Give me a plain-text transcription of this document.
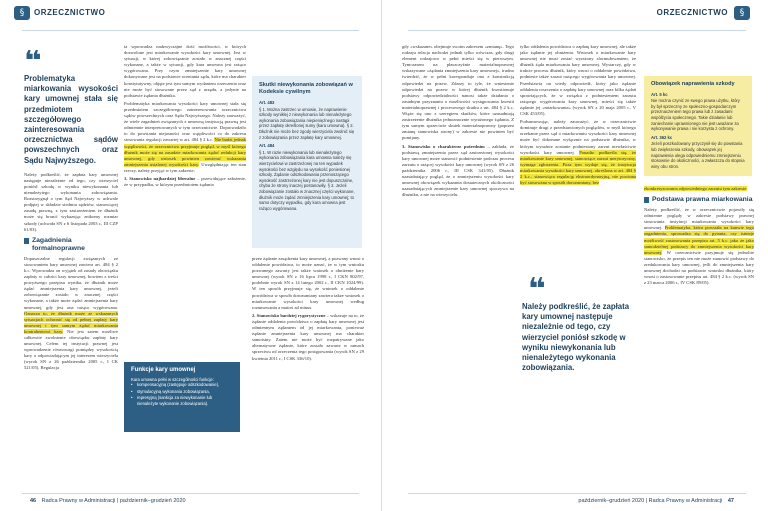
§	ORZECZNICTWO
❝

Problematyka miarkowania wysokości kary umownej stała się przedmiotem szczegółowego zainteresowania orzecznictwa sądów powszechnych oraz Sądu Najwyższego.

Należy podkreślić, że zapłata kary umownej następuje niezależnie od tego, czy wierzyciel poniósł szkodę w wyniku niewykonania lub nienależytego wykonania zobowiązania. Rozstrzygnął o tym Sąd Najwyższy w uchwale podjętej w składzie siedmiu sędziów, stanowiącej zasadę prawną, z tym zastrzeżeniem że dłużnik może się bronić wykazując znikomy rozmiar szkody (uchwała SN z 6 listopada 2003 r., III CZP 61/03).

Zagadnienia formalnoprawne

Dopuszczalne regulacji związanych ze stosowaniem kary umownej zawiera art. 484 § 2 k.c. Wprowadza on wyjątek od zasady obowiązku zapłaty w całości kary umownej, bowiem z treści powyższego przepisu wynika, że dłużnik może żądać zmniejszenia kary umownej, jeżeli zobowiązanie zostało w znacznej części wykonane, a także może żądać zmniejszenia kary umownej, gdy jest ona rażąco wygórowana. Oznacza to, że dłużnik może ze wskazanych sytuacjach ochronić się od pełnej zapłaty kary umownej i tym samym żądać miarkowania kontrahentowi kary. Nie jest zatem możliwe całkowite zwolnienie obowiązku zapłaty kary umownej. Celem tej instytucji prawnej jest wprowadzenie równowagi pomiędzy wysokością kary a odpowiadającym jej interesem wierzyciela (wyrok SN z 26 października 2005 r., I CK 521/05). Regulacja

ta wprowadza nadzwyczajne dość możliwości, w których dozwolone jest miarkowanie wysokości kary umownej. Jest w sytuacji, w której zobowiązanie zostało w znacznej części wykonane, a także w sytuacji, gdy kara umowna jest rażąco wygórowana. Przy czym zmniejszenie kary umownej dokonywane jest na podstawie oceniania sądu, które ma charakter konstytutywny, objęte jest tym samym wydaniem orzeczenia oraz nie może być stosowane przez sąd z urzędu, a jedynie na podstawie żądania dłużnika.

Problematyka miarkowania wysokości kary umownej stała się przedmiotem szczegółowego zainteresowania orzecznictwa sądów powszechnych oraz Sądu Najwyższego. Należy zauważyć, że wiele zagadnień związanych z umowną instytucją prawną jest odmiennie interpretowanych w tym orzecznictwie. Doprowadziło to do powstania niejasności oraz wątpliwości co do zakresu stosowania regulacji zawartej w art. 484 § 2 k.c. Nie budzi jednak wątpliwości, że orzecznictwo przyjmuje pogląd, w myśl którego dłużnik może się na zasadzie miarkowania żądać redukcji kary umownej, gdy wniosek powinien zawierać wskazania zmniejszenia ustalonej wysokości kary. Uwzględniając ten stan rzeczy, należy przyjąć w tym zakresie:

1. Stanowisko najbardziej liberalne – przewidujące założenie, że w przypadku, w którym przedmiotem żądania

Funkcje kary umownej
Kara umowna pełni w szczególności funkcje:
• kompensacyjną (zastępuje odszkodowanie),
• stymulacyjną wykonania zobowiązania,
• represyjną (sankcja za niewykonanie lub nienależyte wykonanie zobowiązania).
Skutki niewykonania zobowiązań w Kodeksie cywilnym
Art. 483
§ 1. Można zastrzec w umowie, że naprawienie szkody wynikłej z niewykonania lub nienależytego wykonania zobowiązania niepieniężnego nastąpi przez zapłatę określonej sumy (kara umowna). § 2. Dłużnik nie może bez zgody wierzyciela zwolnić się z zobowiązania przez zapłatę kary umownej.
Art. 484
§ 1. W razie niewykonania lub nienależytego wykonania zobowiązania kara umowna należy się wierzycielowi w zastrzeżonej na ten wypadek wysokości bez względu na wysokość poniesionej szkody. Żądanie odszkodowania przenoszącego wysokość zastrzeżonej kary nie jest dopuszczalne, chyba że strony inaczej postanowiły. § 2. Jeżeli zobowiązanie zostało w znacznej części wykonane, dłużnik może żądać zmniejszenia kary umownej; to samo dotyczy wypadku, gdy kara umowna jest rażąco wygórowana.

przez żądanie zasądzenia kary umownej, a pozwany wnosi o oddalenie powództwa, to może uznać, że w tym wniosku pozwanego zawarty jest także wniosek o obniżenie kary umownej (wyrok SN z 16 lipca 1998 r., I CKN 802/97, podobnie wyrok SN z 14 lutego 2002 r., II CKN 1024/99). W ten sposób przyjmuje się, że wniosek o oddalenie powództwa w sposób dorozumiany zawiera także wniosek o miarkowanie wysokości kary umownej według rozumowania a maiori ad minus.

2. Stanowisko bardziej rygorystyczne – wskazuje na to, że żądanie oddalenia powództwa o zapłatę kary umownej jest odmiennym żądaniem od jej miarkowania, ponieważ żądanie zmniejszenia kary umownej ma charakter samoistny. Zatem nie może być rozpatrywane jako alternatywne żądanie, które zostało zawarte w ramach sprzeciwu od orzeczenia tego postępowania (wyrok SN z 29 kwietnia 2011 r., I CSK 336/10).

46 Radca Prawny w Administracji | październik–grudzień 2020
ORZECZNICTWO	§

gdy «wskazane» obejmuje swoim zakresem «zmianę». Tego rodzaju relacja nachodzi jednak tylko wówczas, gdy drugi element rodzajowo w pełni mieści się w pierwszym. Tymczasem na płaszczyźnie materialnoprawnej wskazywane «żądania zmniejszenia kary umownej», trudno twierdzić, że w pełni koresponduje ono z konstrukcją odpowiedzi na pozew. Zdarzy to tyle, że wniesienie odpowiedzi na pozew w której dłużnik kwestionuje podstawy odpowiedzialności nanosi także działania o zasadnym przyznaniu o możliwości występowania kwestii materialnoprawnej i procesowego skutku z art. 484 § 2 k.c. Wiąże się ono z szeregiem skutków, które uzasadniają zastrzeżenie dłużnika jednoznacznie wyrażonego żądania. Z tym samym sprzeciwie skutek materialnoprawny (poprzez zmianę stanowiska strony) w zakresie nie powinien być pomijany.

3. Stanowisko o charakterze pośrednim – zakłada, że podstawą zmniejszenia przez sąd zastrzeżonej wysokości kary umownej może stanowić podniesienie podczas procesu zarzutu o rażącej wysokości kary umownej (wyrok SN z 26 października 2006 r., III CSK 341/05). Dłużnik uzasadniający pogląd, że o zmniejszeniu wysokości kary umownej obowiązek wykazania dostatecznych okoliczności uzasadniających zmniejszenie kary umownej spoczywa na dłużniku, a nie na wierzycielu.

tylko oddalenia powództwa o zapłatę kary umownej, ale także jako żądanie jej obniżenia. Wniosek o miarkowanie kary umownej nie musi zostać wyrażony sformułowaniem, że dłużnik żąda miarkowania kary umownej. Wystarczy, gdy w trakcie procesu dłużnik, który wnosi o oddalenie powództwa, podniesie także zarzut rażącego wygórowania kary umownej. Przedstawia on wtedy odpowiedź, który jako żądanie oddalenia roszczenia o zapłatę kary umownej oraz kilka żądań sprawiających, że w związku z podniesieniem zarzutu rażącego wygórowania kary umownej, mieści się także żądanie jej «miarkowania» (wyrok SN z 20 maja 2005 r., V CSK 453/05).

Podsumowując, należy zauważyć, że w orzecznictwie dominuje drugi z przedstawionych poglądów, w myśl którego orzekanie przez sąd o miarkowaniu wysokości kary umownej może być dokonane wyłącznie na podstawie dłużnika, w którym wyraźnie zostanie podniesiony zarzut niewłaściwie wysokości kary umownej. Ponadto podkreśla się, że miarkowanie kary umownej, stanowiące zarzut merytoryczny, wymaga zgłoszenia. Poza tym wydaje się, że instytucja miarkowania wysokości kary umownej, określona w art. 484 § 2 k.c., stanowiąca regulację ekstraordynaryjną, nie powinna być stosowana w sposób dorozumiany, bez

❝

Należy podkreślić, że zapłata kary umownej następuje niezależnie od tego, czy wierzyciel poniósł szkodę w wyniku niewykonania lub nienależytego wykonania zobowiązania.

Obowiązek naprawienia szkody
Art. 5 kc
Nie można czynić ze swego prawa użytku, który by był sprzeczny ze społeczno-gospodarczym przeznaczeniem tego prawa lub z zasadami współżycia społecznego. Takie działanie lub zaniechanie uprawnionego nie jest uważane za wykonywanie prawa i nie korzysta z ochrony.
Art. 362 kc
Jeżeli poszkodowany przyczynił się do powstania lub zwiększenia szkody, obowiązek jej naprawienia ulega odpowiedniemu zmniejszeniu stosownie do okoliczności, a zwłaszcza do stopnia winy obu stron.

ekonkretyzowania odpowiedniego zarzutu tym zakresie.

Podstawa prawna miarkowania

Należy podkreślić, że w orzecznictwie pojawiły się odmienne poglądy w zakresie podstawy prawnej stosowania instytucji miarkowania wysokości kary umownej. Problematyka, która powstała na kanwie tego zagadnienia, sprowadza się do pytania, czy istnieje możliwość zastosowania przepisu art. 5 k.c. jako że jako samodzielnej podstawy do zmniejszenia wysokości kary umownej. W orzecznictwie przyjmuje się jednolite stanowisko, że przepis ten nie może stanowić podstawy do zredukowania kary umownej, jeśli do zmniejszenia kary umownej dochodzi na podstawie wniosku dłużnika, który wnosi o zastosowanie przepisu art. 484 § 2 k.c. (wyrok SN z 23 marca 2006 r., IV CSK 89/05).

październik–grudzień 2020 | Radca Prawny w Administracji 47
